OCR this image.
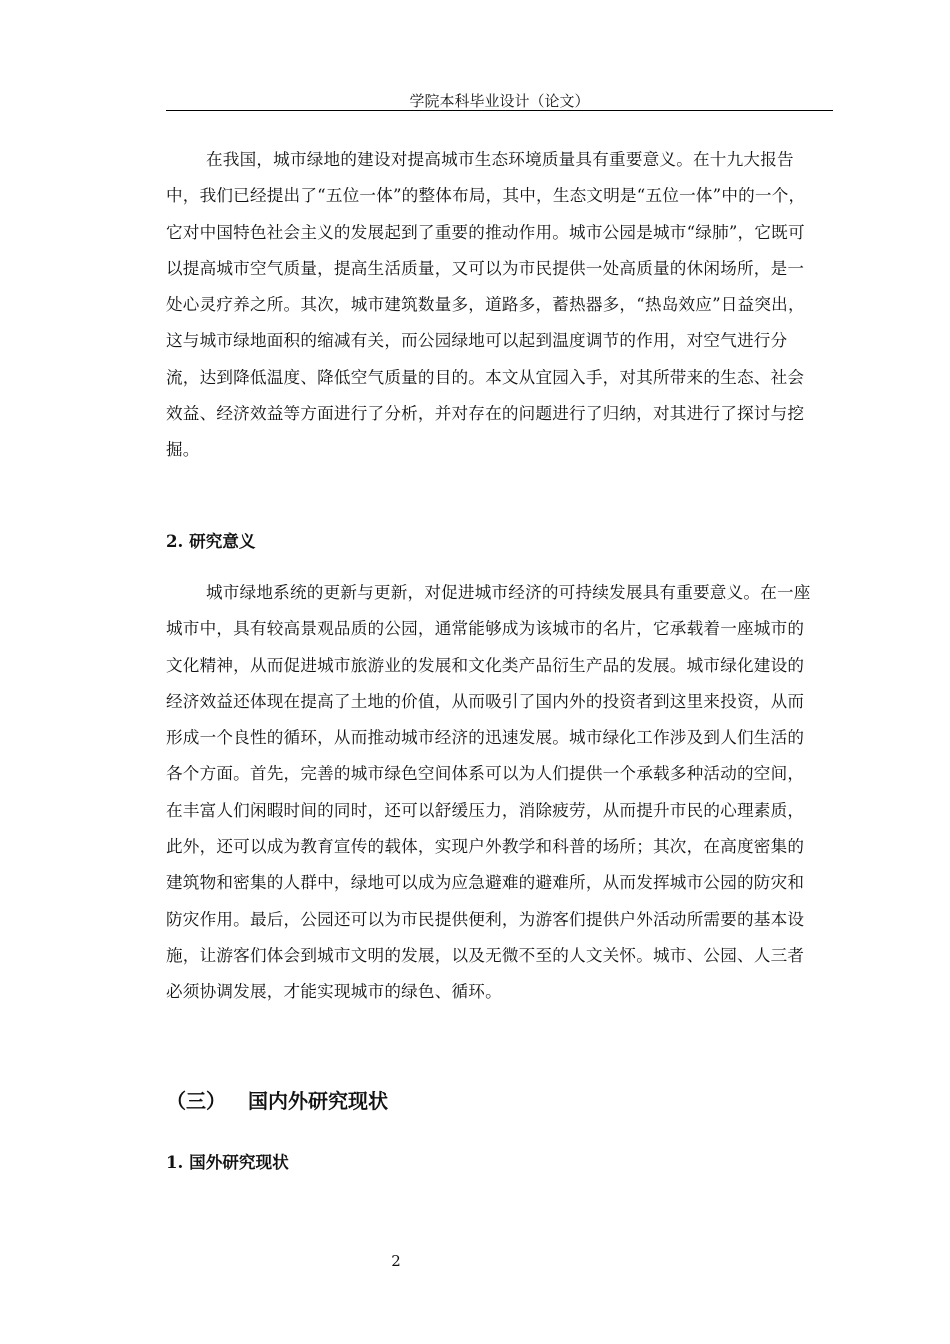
学院本科毕业设计（论文）

在我国，城市绿地的建设对提高城市生态环境质量具有重要意义。在十九大报告中，我们已经提出了“五位一体”的整体布局，其中，生态文明是“五位一体”中的一个，它对中国特色社会主义的发展起到了重要的推动作用。城市公园是城市“绿肺”，它既可以提高城市空气质量，提高生活质量，又可以为市民提供一处高质量的休闲场所，是一处心灵疗养之所。其次，城市建筑数量多，道路多，蓄热器多，“热岛效应”日益突出，这与城市绿地面积的缩减有关，而公园绿地可以起到温度调节的作用，对空气进行分流，达到降低温度、降低空气质量的目的。本文从宜园入手，对其所带来的生态、社会效益、经济效益等方面进行了分析，并对存在的问题进行了归纳，对其进行了探讨与挖掘。

2. 研究意义

城市绿地系统的更新与更新，对促进城市经济的可持续发展具有重要意义。在一座城市中，具有较高景观品质的公园，通常能够成为该城市的名片，它承载着一座城市的文化精神，从而促进城市旅游业的发展和文化类产品衍生产品的发展。城市绿化建设的经济效益还体现在提高了土地的价值，从而吸引了国内外的投资者到这里来投资，从而形成一个良性的循环，从而推动城市经济的迅速发展。城市绿化工作涉及到人们生活的各个方面。首先，完善的城市绿色空间体系可以为人们提供一个承载多种活动的空间，在丰富人们闲暇时间的同时，还可以舒缓压力，消除疲劳，从而提升市民的心理素质，此外，还可以成为教育宣传的载体，实现户外教学和科普的场所；其次，在高度密集的建筑物和密集的人群中，绿地可以成为应急避难的避难所，从而发挥城市公园的防灾和防灾作用。最后，公园还可以为市民提供便利，为游客们提供户外活动所需要的基本设施，让游客们体会到城市文明的发展，以及无微不至的人文关怀。城市、公园、人三者必须协调发展，才能实现城市的绿色、循环。

（三） 国内外研究现状
1. 国外研究现状
2
